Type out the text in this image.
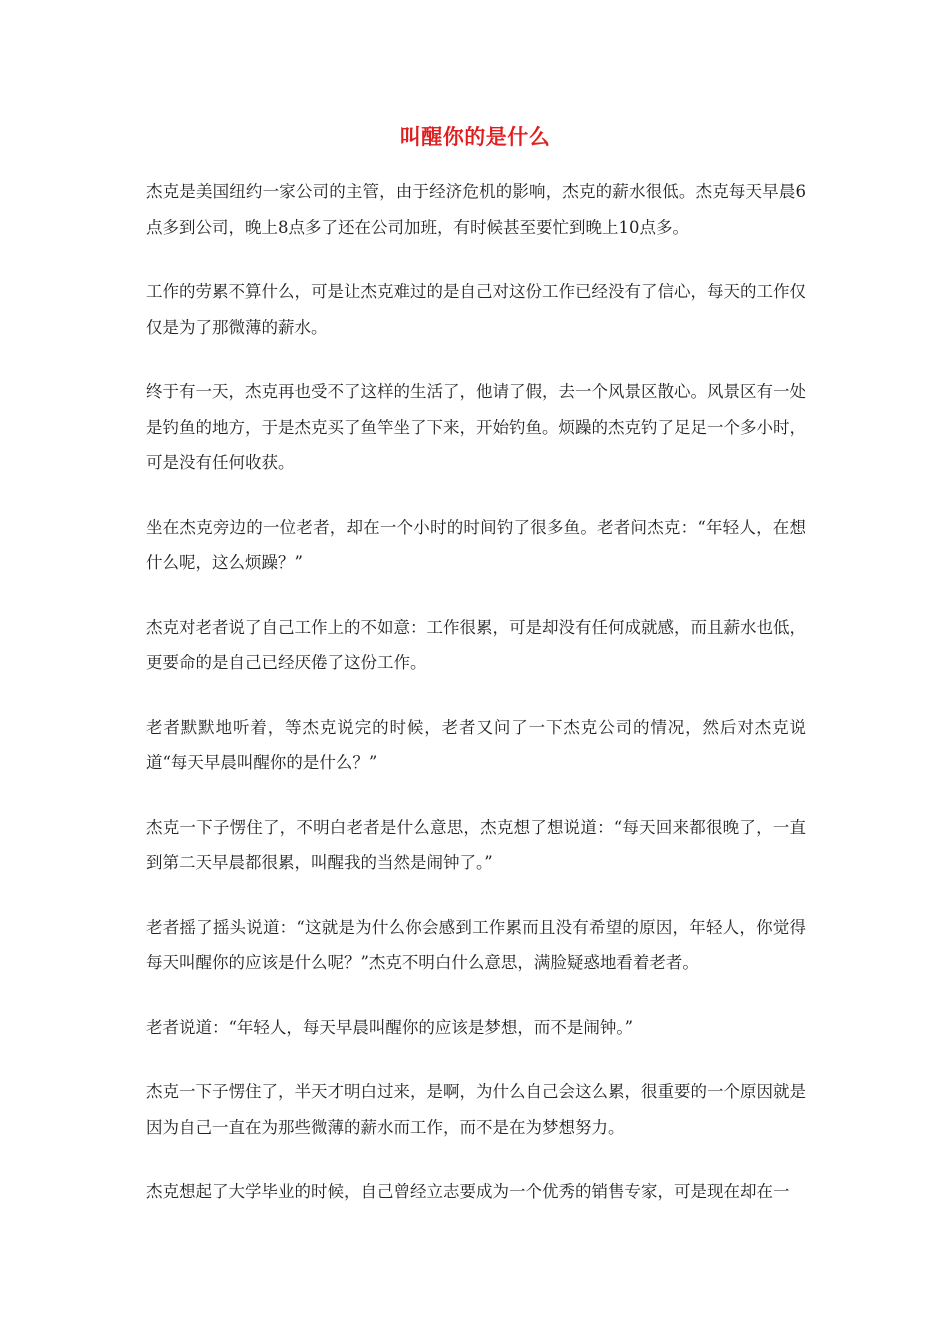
叫醒你的是什么

杰克是美国纽约一家公司的主管，由于经济危机的影响，杰克的薪水很低。杰克每天早晨6点多到公司，晚上8点多了还在公司加班，有时候甚至要忙到晚上10点多。

工作的劳累不算什么，可是让杰克难过的是自己对这份工作已经没有了信心，每天的工作仅仅是为了那微薄的薪水。

终于有一天，杰克再也受不了这样的生活了，他请了假，去一个风景区散心。风景区有一处是钓鱼的地方，于是杰克买了鱼竿坐了下来，开始钓鱼。烦躁的杰克钓了足足一个多小时，可是没有任何收获。

坐在杰克旁边的一位老者，却在一个小时的时间钓了很多鱼。老者问杰克：“年轻人，在想什么呢，这么烦躁？”

杰克对老者说了自己工作上的不如意：工作很累，可是却没有任何成就感，而且薪水也低，更要命的是自己已经厌倦了这份工作。

老者默默地听着，等杰克说完的时候，老者又问了一下杰克公司的情况，然后对杰克说道“每天早晨叫醒你的是什么？”

杰克一下子愣住了，不明白老者是什么意思，杰克想了想说道：“每天回来都很晚了，一直到第二天早晨都很累，叫醒我的当然是闹钟了。”

老者摇了摇头说道：“这就是为什么你会感到工作累而且没有希望的原因，年轻人，你觉得每天叫醒你的应该是什么呢？”杰克不明白什么意思，满脸疑惑地看着老者。

老者说道：“年轻人，每天早晨叫醒你的应该是梦想，而不是闹钟。”

杰克一下子愣住了，半天才明白过来，是啊，为什么自己会这么累，很重要的一个原因就是因为自己一直在为那些微薄的薪水而工作，而不是在为梦想努力。

杰克想起了大学毕业的时候，自己曾经立志要成为一个优秀的销售专家，可是现在却在一
